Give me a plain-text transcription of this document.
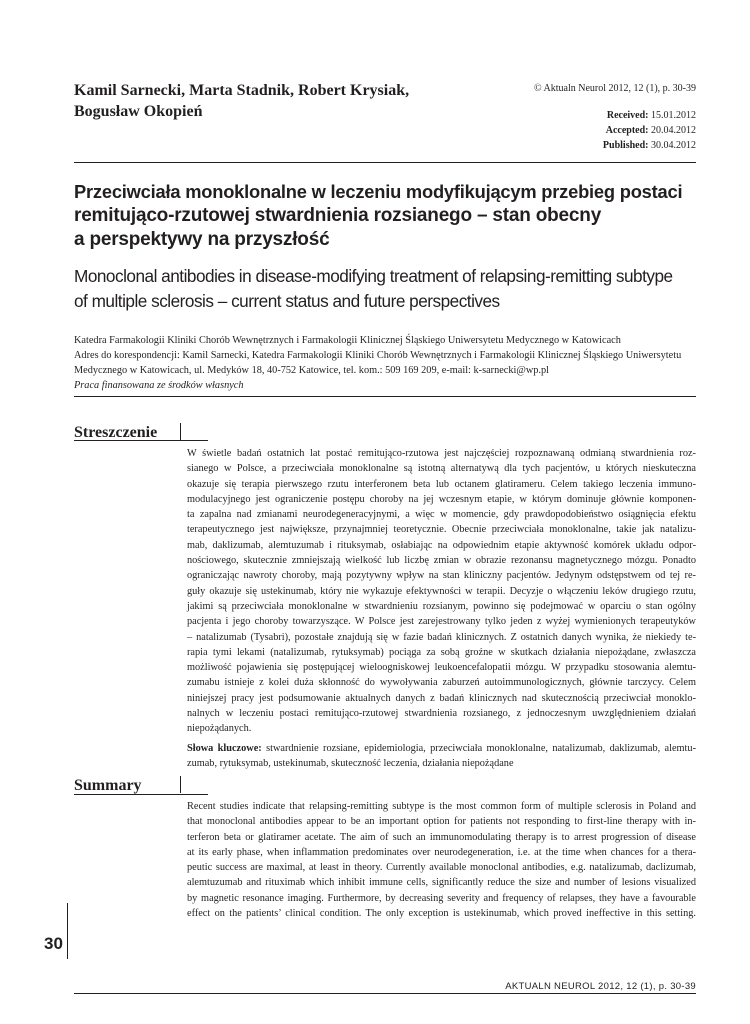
Kamil Sarnecki, Marta Stadnik, Robert Krysiak,
Bogusław Okopień
© Aktualn Neurol 2012, 12 (1), p. 30-39
Received: 15.01.2012
Accepted: 20.04.2012
Published: 30.04.2012
Przeciwciała monoklonalne w leczeniu modyfikującym przebieg postaci
remitująco-rzutowej stwardnienia rozsianego – stan obecny
a perspektywy na przyszłość
Monoclonal antibodies in disease-modifying treatment of relapsing-remitting subtype
of multiple sclerosis – current status and future perspectives
Katedra Farmakologii Kliniki Chorób Wewnętrznych i Farmakologii Klinicznej Śląskiego Uniwersytetu Medycznego w Katowicach
Adres do korespondencji: Kamil Sarnecki, Katedra Farmakologii Kliniki Chorób Wewnętrznych i Farmakologii Klinicznej Śląskiego Uniwersytetu
Medycznego w Katowicach, ul. Medyków 18, 40-752 Katowice, tel. kom.: 509 169 209, e-mail: k-sarnecki@wp.pl
Praca finansowana ze środków własnych
Streszczenie
W świetle badań ostatnich lat postać remitująco-rzutowa jest najczęściej rozpoznawaną odmianą stwardnienia roz-
sianego w Polsce, a przeciwciała monoklonalne są istotną alternatywą dla tych pacjentów, u których nieskuteczna
okazuje się terapia pierwszego rzutu interferonem beta lub octanem glatirameru. Celem takiego leczenia immuno-
modulacyjnego jest ograniczenie postępu choroby na jej wczesnym etapie, w którym dominuje głównie komponen-
ta zapalna nad zmianami neurodegeneracyjnymi, a więc w momencie, gdy prawdopodobieństwo osiągnięcia efektu
terapeutycznego jest największe, przynajmniej teoretycznie. Obecnie przeciwciała monoklonalne, takie jak natalizu-
mab, daklizumab, alemtuzumab i rituksymab, osłabiając na odpowiednim etapie aktywność komórek układu odpor-
nościowego, skutecznie zmniejszają wielkość lub liczbę zmian w obrazie rezonansu magnetycznego mózgu. Ponadto
ograniczając nawroty choroby, mają pozytywny wpływ na stan kliniczny pacjentów. Jedynym odstępstwem od tej re-
guły okazuje się ustekinumab, który nie wykazuje efektywności w terapii. Decyzje o włączeniu leków drugiego rzutu,
jakimi są przeciwciała monoklonalne w stwardnieniu rozsianym, powinno się podejmować w oparciu o stan ogólny
pacjenta i jego choroby towarzyszące. W Polsce jest zarejestrowany tylko jeden z wyżej wymienionych terapeutyków
– natalizumab (Tysabri), pozostałe znajdują się w fazie badań klinicznych. Z ostatnich danych wynika, że niekiedy te-
rapia tymi lekami (natalizumab, rytuksymab) pociąga za sobą groźne w skutkach działania niepożądane, zwłaszcza
możliwość pojawienia się postępującej wieloogniskowej leukoencefalopatii mózgu. W przypadku stosowania alemtu-
zumabu istnieje z kolei duża skłonność do wywoływania zaburzeń autoimmunologicznych, głównie tarczycy. Celem
niniejszej pracy jest podsumowanie aktualnych danych z badań klinicznych nad skutecznością przeciwciał monoklo-
nalnych w leczeniu postaci remitująco-rzutowej stwardnienia rozsianego, z jednoczesnym uwzględnieniem działań
niepożądanych.
Słowa kluczowe: stwardnienie rozsiane, epidemiologia, przeciwciała monoklonalne, natalizumab, daklizumab, alemtu-
zumab, rytuksymab, ustekinumab, skuteczność leczenia, działania niepożądane
Summary
Recent studies indicate that relapsing-remitting subtype is the most common form of multiple sclerosis in Poland and
that monoclonal antibodies appear to be an important option for patients not responding to first-line therapy with in-
terferon beta or glatiramer acetate. The aim of such an immunomodulating therapy is to arrest progression of disease
at its early phase, when inflammation predominates over neurodegeneration, i.e. at the time when chances for a thera-
peutic success are maximal, at least in theory. Currently available monoclonal antibodies, e.g. natalizumab, daclizumab,
alemtuzumab and rituximab which inhibit immune cells, significantly reduce the size and number of lesions visualized
by magnetic resonance imaging. Furthermore, by decreasing severity and frequency of relapses, they have a favourable
effect on the patients’ clinical condition. The only exception is ustekinumab, which proved ineffective in this setting.
30
AKTUALN NEUROL 2012, 12 (1), p. 30-39
